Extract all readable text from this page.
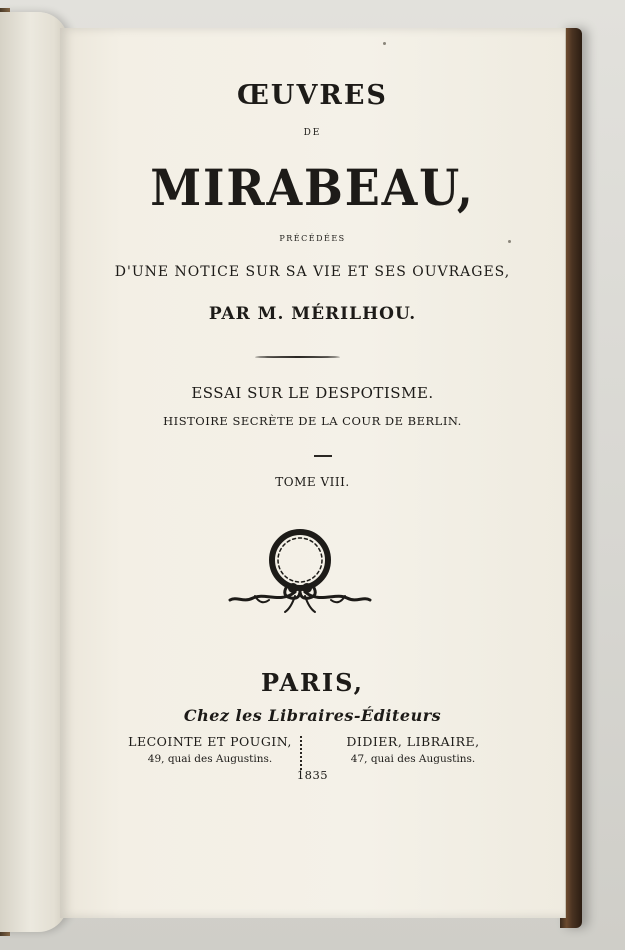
ŒUVRES
DE
MIRABEAU,
PRÉCÉDÉES
D'UNE NOTICE SUR SA VIE ET SES OUVRAGES,
PAR M. MÉRILHOU.
ESSAI SUR LE DESPOTISME.
HISTOIRE SECRÈTE DE LA COUR DE BERLIN.
TOME VIII.
PARIS,
Chez les Libraires-Éditeurs
LECOINTE ET POUGIN,
49, quai des Augustins.
DIDIER, LIBRAIRE,
47, quai des Augustins.
1835
